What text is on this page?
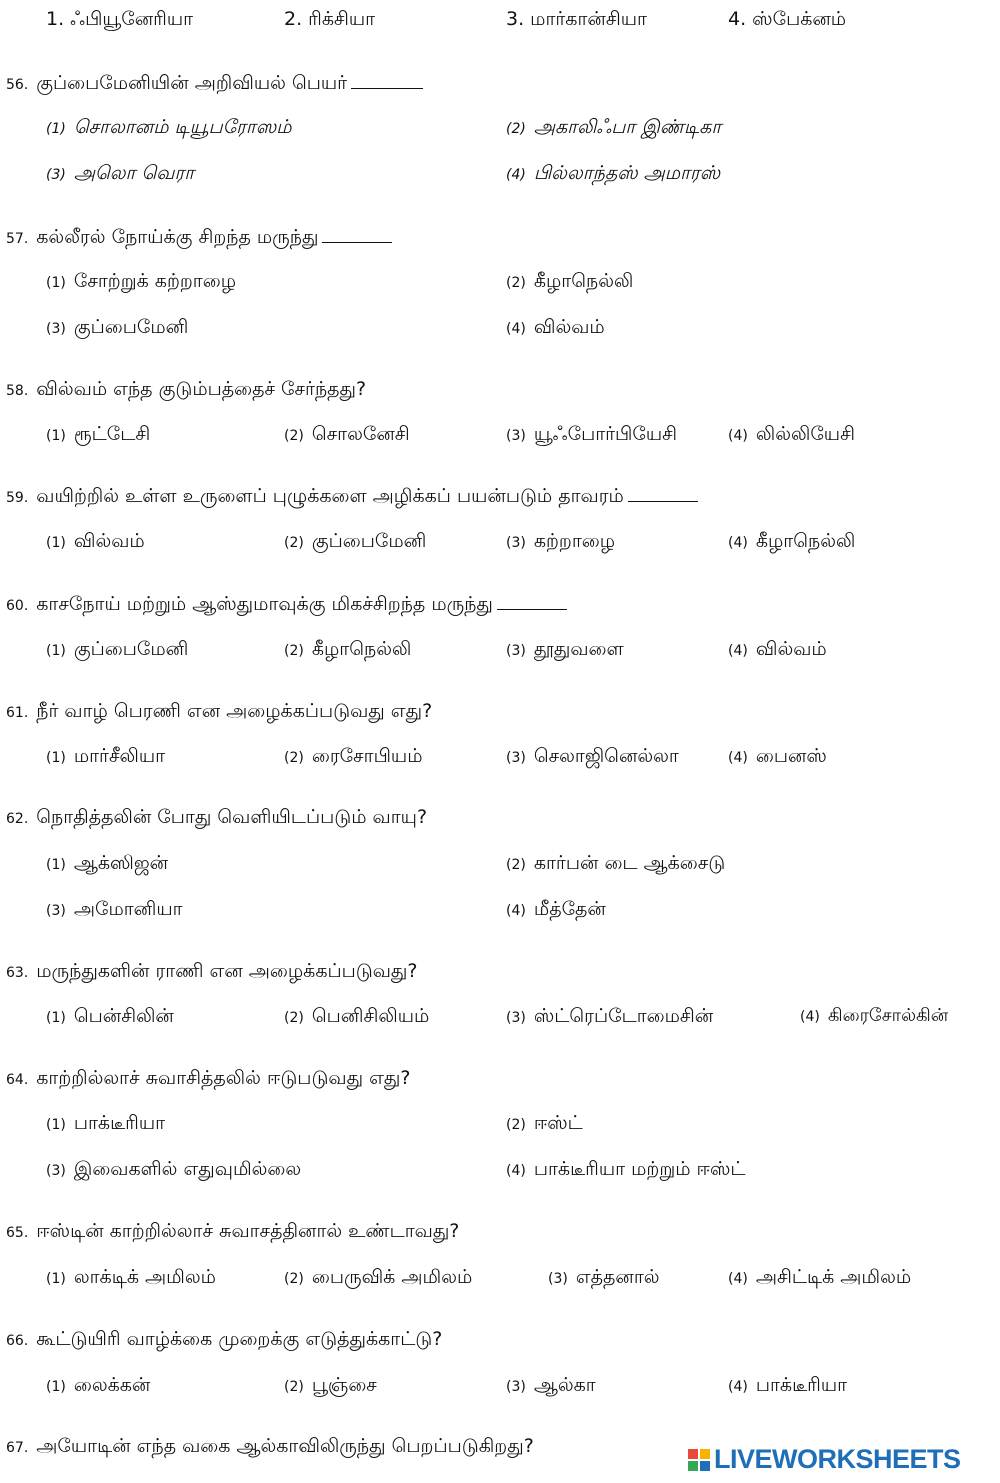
1. ஃபியூனேரியா	2. ரிக்சியா	3. மார்கான்சியா	4. ஸ்பேக்னம்
56. குப்பைமேனியின் அறிவியல் பெயர்
(1) சொலானம் டியூபரோஸம்	(2) அகாலிஃபா இண்டிகா
(3) அலொ வெரா	(4) பில்லாந்தஸ் அமாரஸ்
57. கல்லீரல் நோய்க்கு சிறந்த மருந்து
(1) சோற்றுக் கற்றாழை	(2) கீழாநெல்லி
(3) குப்பைமேனி	(4) வில்வம்
58. வில்வம் எந்த குடும்பத்தைச் சேர்ந்தது?
(1) ரூட்டேசி	(2) சொலனேசி	(3) யூஃபோர்பியேசி	(4) லில்லியேசி
59. வயிற்றில் உள்ள உருளைப் புழுக்களை அழிக்கப் பயன்படும் தாவரம்
(1) வில்வம்	(2) குப்பைமேனி	(3) கற்றாழை	(4) கீழாநெல்லி
60. காசநோய் மற்றும் ஆஸ்துமாவுக்கு மிகச்சிறந்த மருந்து
(1) குப்பைமேனி	(2) கீழாநெல்லி	(3) தூதுவளை	(4) வில்வம்
61. நீர் வாழ் பெரணி என அழைக்கப்படுவது எது?
(1) மார்சீலியா	(2) ரைசோபியம்	(3) செலாஜினெல்லா	(4) பைனஸ்
62. நொதித்தலின் போது வெளியிடப்படும் வாயு?
(1) ஆக்ஸிஜன்	(2) கார்பன் டை ஆக்சைடு
(3) அமோனியா	(4) மீத்தேன்
63. மருந்துகளின் ராணி என அழைக்கப்படுவது?
(1) பென்சிலின்	(2) பெனிசிலியம்	(3) ஸ்ட்ரெப்டோமைசின்	(4) கிரைசோல்கின்
64. காற்றில்லாச் சுவாசித்தலில் ஈடுபடுவது எது?
(1) பாக்டீரியா	(2) ஈஸ்ட்
(3) இவைகளில் எதுவுமில்லை	(4) பாக்டீரியா மற்றும் ஈஸ்ட்
65. ஈஸ்டின் காற்றில்லாச் சுவாசத்தினால் உண்டாவது?
(1) லாக்டிக் அமிலம்	(2) பைருவிக் அமிலம்	(3) எத்தனால்	(4) அசிட்டிக் அமிலம்
66. கூட்டுயிரி வாழ்க்கை முறைக்கு எடுத்துக்காட்டு?
(1) லைக்கன்	(2) பூஞ்சை	(3) ஆல்கா	(4) பாக்டீரியா
67. அயோடின் எந்த வகை ஆல்காவிலிருந்து பெறப்படுகிறது?	LIVEWORKSHEETS
